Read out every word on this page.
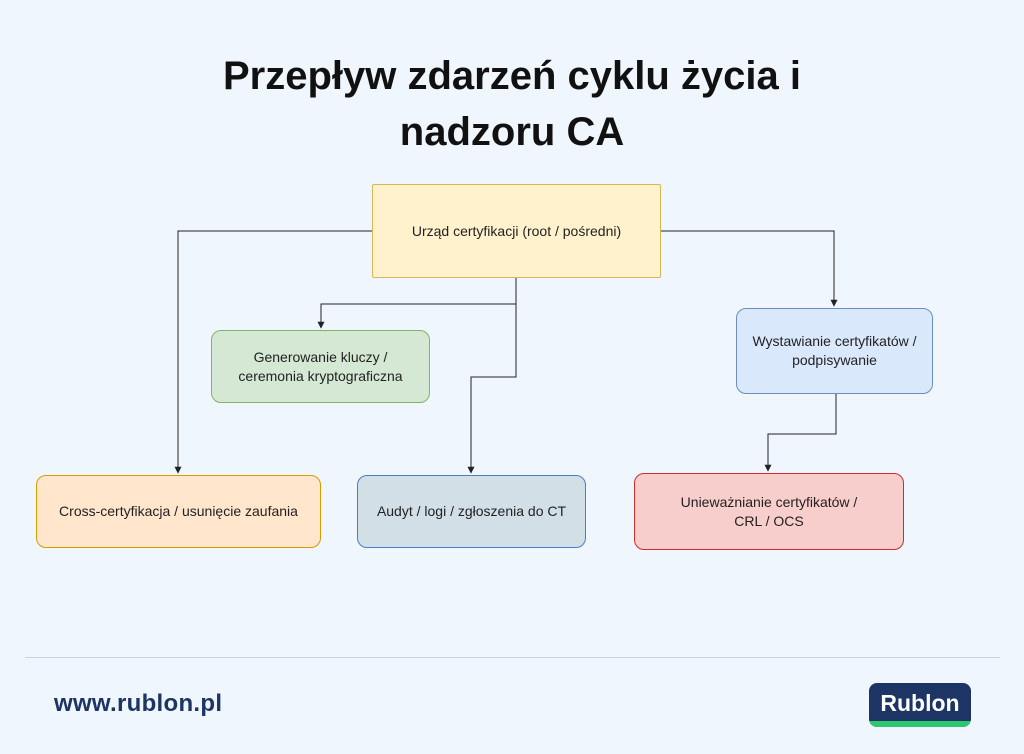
Przepływ zdarzeń cyklu życia i
nadzoru CA
Urząd certyfikacji (root / pośredni)
Generowanie kluczy /
ceremonia kryptograficzna
Wystawianie certyfikatów /
podpisywanie
Cross-certyfikacja / usunięcie zaufania	Audyt / logi / zgłoszenia do CT
Unieważnianie certyfikatów /
CRL / OCS
www.rublon.pl	Rublon
